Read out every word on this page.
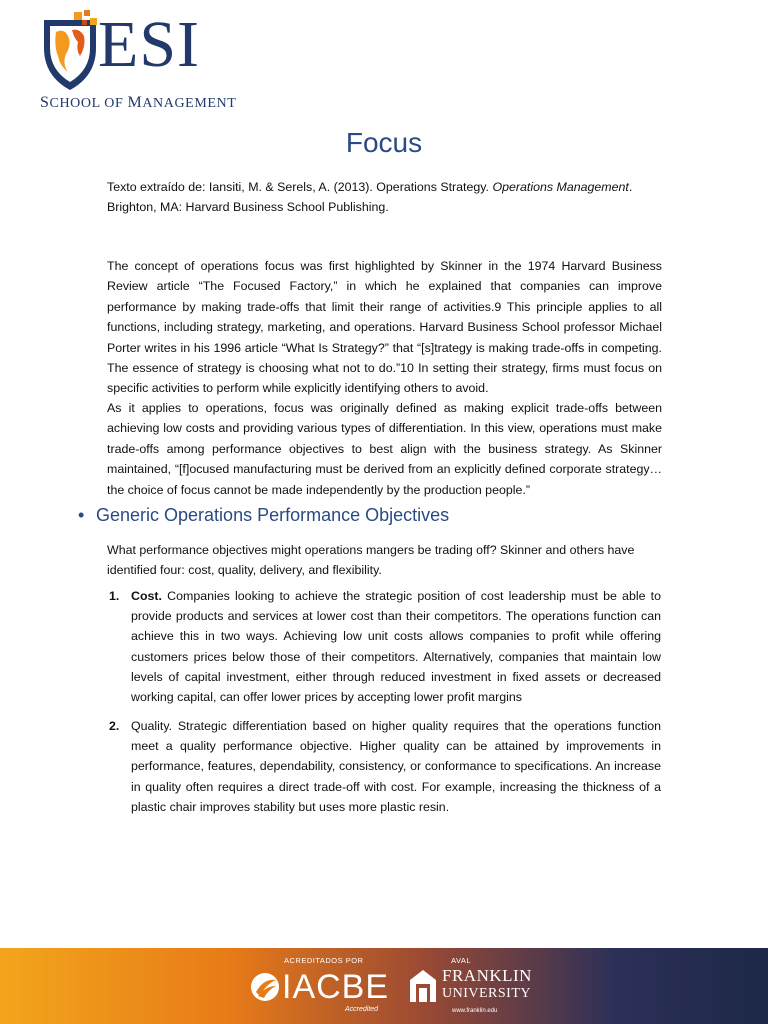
ESI
SCHOOL OF MANAGEMENT
Focus
Texto extraído de: Iansiti, M. & Serels, A. (2013). Operations Strategy. Operations Management. Brighton, MA: Harvard Business School Publishing.

The concept of operations focus was first highlighted by Skinner in the 1974 Harvard Business Review article “The Focused Factory,” in which he explained that companies can improve performance by making trade-offs that limit their range of activities.9 This principle applies to all functions, including strategy, marketing, and operations. Harvard Business School professor Michael Porter writes in his 1996 article “What Is Strategy?” that “[s]trategy is making trade-offs in competing. The essence of strategy is choosing what not to do.”10 In setting their strategy, firms must focus on specific activities to perform while explicitly identifying others to avoid.

As it applies to operations, focus was originally defined as making explicit trade-offs between achieving low costs and providing various types of differentiation. In this view, operations must make trade-offs among performance objectives to best align with the business strategy. As Skinner maintained, “[f]ocused manufacturing must be derived from an explicitly defined corporate strategy…the choice of focus cannot be made independently by the production people.”

• Generic Operations Performance Objectives

What performance objectives might operations mangers be trading off? Skinner and others have identified four: cost, quality, delivery, and flexibility.

1. Cost. Companies looking to achieve the strategic position of cost leadership must be able to provide products and services at lower cost than their competitors. The operations function can achieve this in two ways. Achieving low unit costs allows companies to profit while offering customers prices below those of their competitors. Alternatively, companies that maintain low levels of capital investment, either through reduced investment in fixed assets or decreased working capital, can offer lower prices by accepting lower profit margins
2. Quality. Strategic differentiation based on higher quality requires that the operations function meet a quality performance objective. Higher quality can be attained by improvements in performance, features, dependability, consistency, or conformance to specifications. An increase in quality often requires a direct trade-off with cost. For example, increasing the thickness of a plastic chair improves stability but uses more plastic resin.
ACREDITADOS POR
IACBE
Accredited
AVAL
FRANKLIN
UNIVERSITY
www.franklin.edu
